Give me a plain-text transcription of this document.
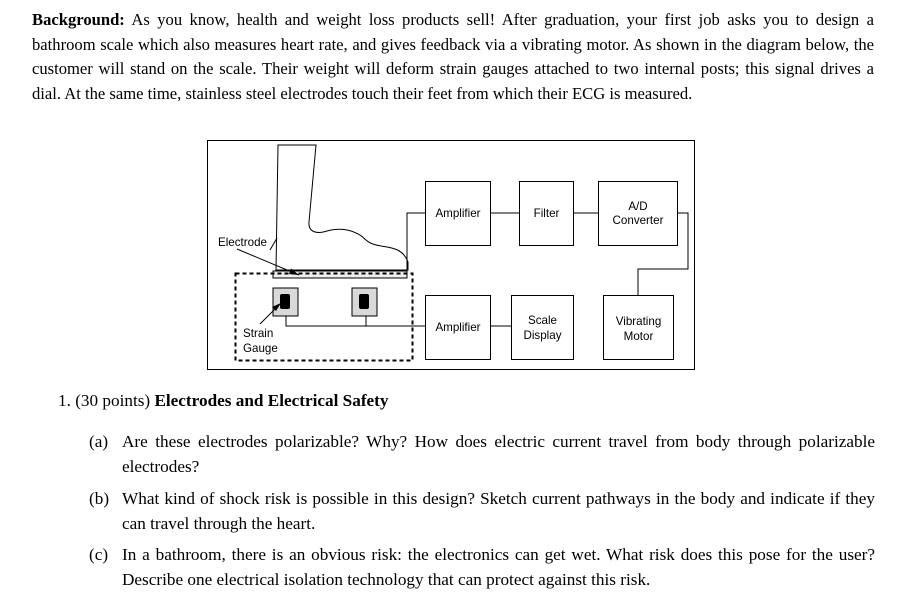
Background: As you know, health and weight loss products sell! After graduation, your first job asks you to design a bathroom scale which also measures heart rate, and gives feedback via a vibrating motor. As shown in the diagram below, the customer will stand on the scale. Their weight will deform strain gauges attached to two internal posts; this signal drives a dial. At the same time, stainless steel electrodes touch their feet from which their ECG is measured.

Electrode
Strain
Gauge
Amplifier	Filter
A/D
Converter
Amplifier
Scale
Display
Vibrating
Motor

1. (30 points) Electrodes and Electrical Safety

(a) Are these electrodes polarizable? Why? How does electric current travel from body through polarizable electrodes?
(b) What kind of shock risk is possible in this design? Sketch current pathways in the body and indicate if they can travel through the heart.
(c) In a bathroom, there is an obvious risk: the electronics can get wet. What risk does this pose for the user? Describe one electrical isolation technology that can protect against this risk.
